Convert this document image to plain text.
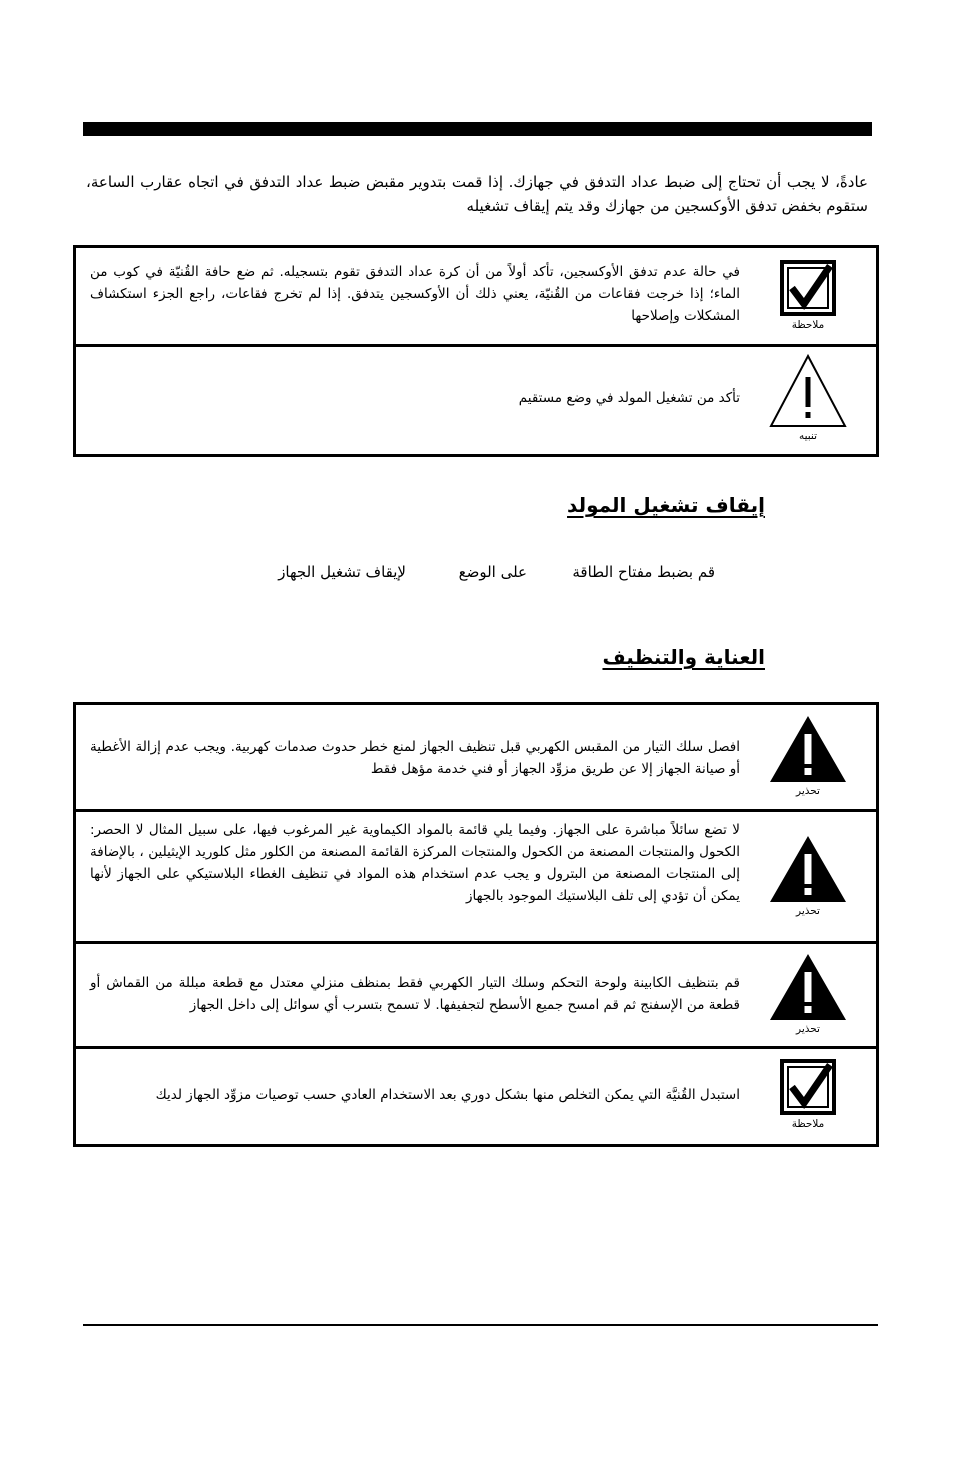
عادةً، لا يجب أن تحتاج إلى ضبط عداد التدفق في جهازك. إذا قمت بتدوير مقبض ضبط عداد التدفق في اتجاه عقارب الساعة، ستقوم بخفض تدفق الأوكسجين من جهازك وقد يتم إيقاف تشغيله
ملاحظة
في حالة عدم تدفق الأوكسجين، تأكد أولاً من أن كرة عداد التدفق تقوم بتسجيله. ثم ضع حافة القُنيّة في كوب من الماء؛ إذا خرجت فقاعات من القُنيّة، يعني ذلك أن الأوكسجين يتدفق. إذا لم تخرج فقاعات، راجع الجزء استكشاف المشكلات وإصلاحها
تنبيه
تأكد من تشغيل المولد في وضع مستقيم
إيقاف تشغيل المولد
قم بضبط مفتاح الطاقة
على الوضع
لإيقاف تشغيل الجهاز
العناية والتنظيف
تحذير
افصل سلك التيار من المقبس الكهربي قبل تنظيف الجهاز لمنع خطر حدوث صدمات كهربية. ويجب عدم إزالة الأغطية أو صيانة الجهاز إلا عن طريق مزوِّد الجهاز أو فني خدمة مؤهل فقط
تحذير
لا تضع سائلاً مباشرة على الجهاز. وفيما يلي قائمة بالمواد الكيماوية غير المرغوب فيها، على سبيل المثال لا الحصر: الكحول والمنتجات المصنعة من الكحول والمنتجات المركزة القائمة المصنعة من الكلور مثل كلوريد الإيثيلين ، بالإضافة إلى المنتجات المصنعة من البترول و يجب عدم استخدام هذه المواد في تنظيف الغطاء البلاستيكي على الجهاز لأنها يمكن أن تؤدي إلى تلف البلاستيك الموجود بالجهاز
تحذير
قم بتنظيف الكابينة ولوحة التحكم وسلك التيار الكهربي فقط بمنظف منزلي معتدل مع قطعة مبللة من القماش أو قطعة من الإسفنج ثم قم امسح جميع الأسطح لتجفيفها. لا تسمح بتسرب أي سوائل إلى داخل الجهاز
ملاحظة
استبدل القُنيَّة التي يمكن التخلص منها بشكل دوري بعد الاستخدام العادي حسب توصيات مزوِّد الجهاز لديك
